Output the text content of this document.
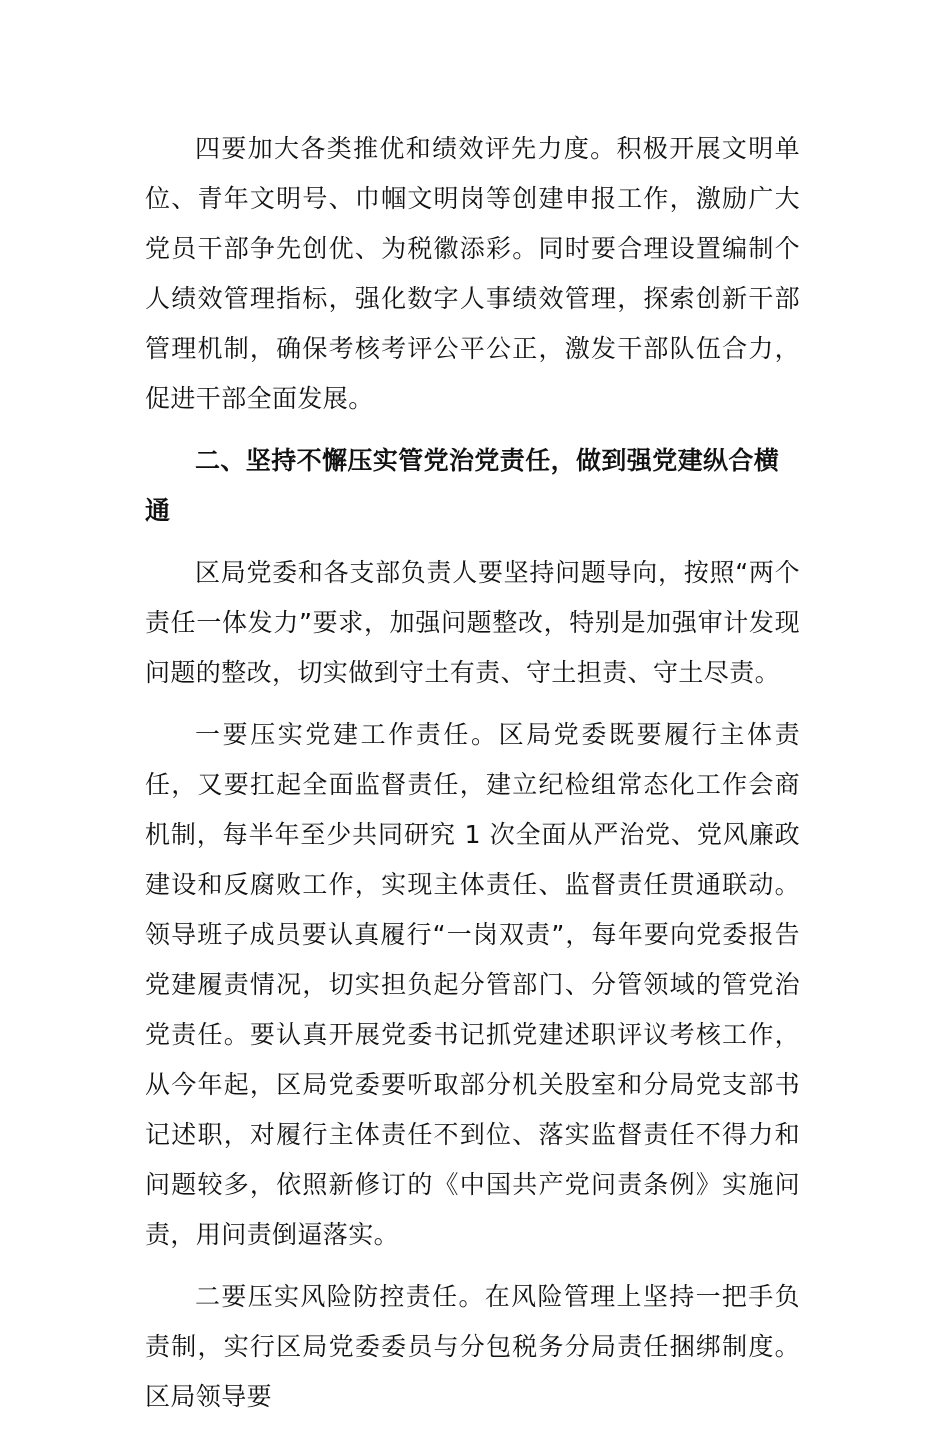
四要加大各类推优和绩效评先力度。积极开展文明单位、青年文明号、巾帼文明岗等创建申报工作，激励广大党员干部争先创优、为税徽添彩。同时要合理设置编制个人绩效管理指标，强化数字人事绩效管理，探索创新干部管理机制，确保考核考评公平公正，激发干部队伍合力，促进干部全面发展。

二、坚持不懈压实管党治党责任，做到强党建纵合横通

区局党委和各支部负责人要坚持问题导向，按照“两个责任一体发力”要求，加强问题整改，特别是加强审计发现问题的整改，切实做到守土有责、守土担责、守土尽责。

一要压实党建工作责任。区局党委既要履行主体责任，又要扛起全面监督责任，建立纪检组常态化工作会商机制，每半年至少共同研究 1 次全面从严治党、党风廉政建设和反腐败工作，实现主体责任、监督责任贯通联动。领导班子成员要认真履行“一岗双责”，每年要向党委报告党建履责情况，切实担负起分管部门、分管领域的管党治党责任。要认真开展党委书记抓党建述职评议考核工作，从今年起，区局党委要听取部分机关股室和分局党支部书记述职，对履行主体责任不到位、落实监督责任不得力和问题较多，依照新修订的《中国共产党问责条例》实施问责，用问责倒逼落实。

二要压实风险防控责任。在风险管理上坚持一把手负责制，实行区局党委委员与分包税务分局责任捆绑制度。区局领导要
